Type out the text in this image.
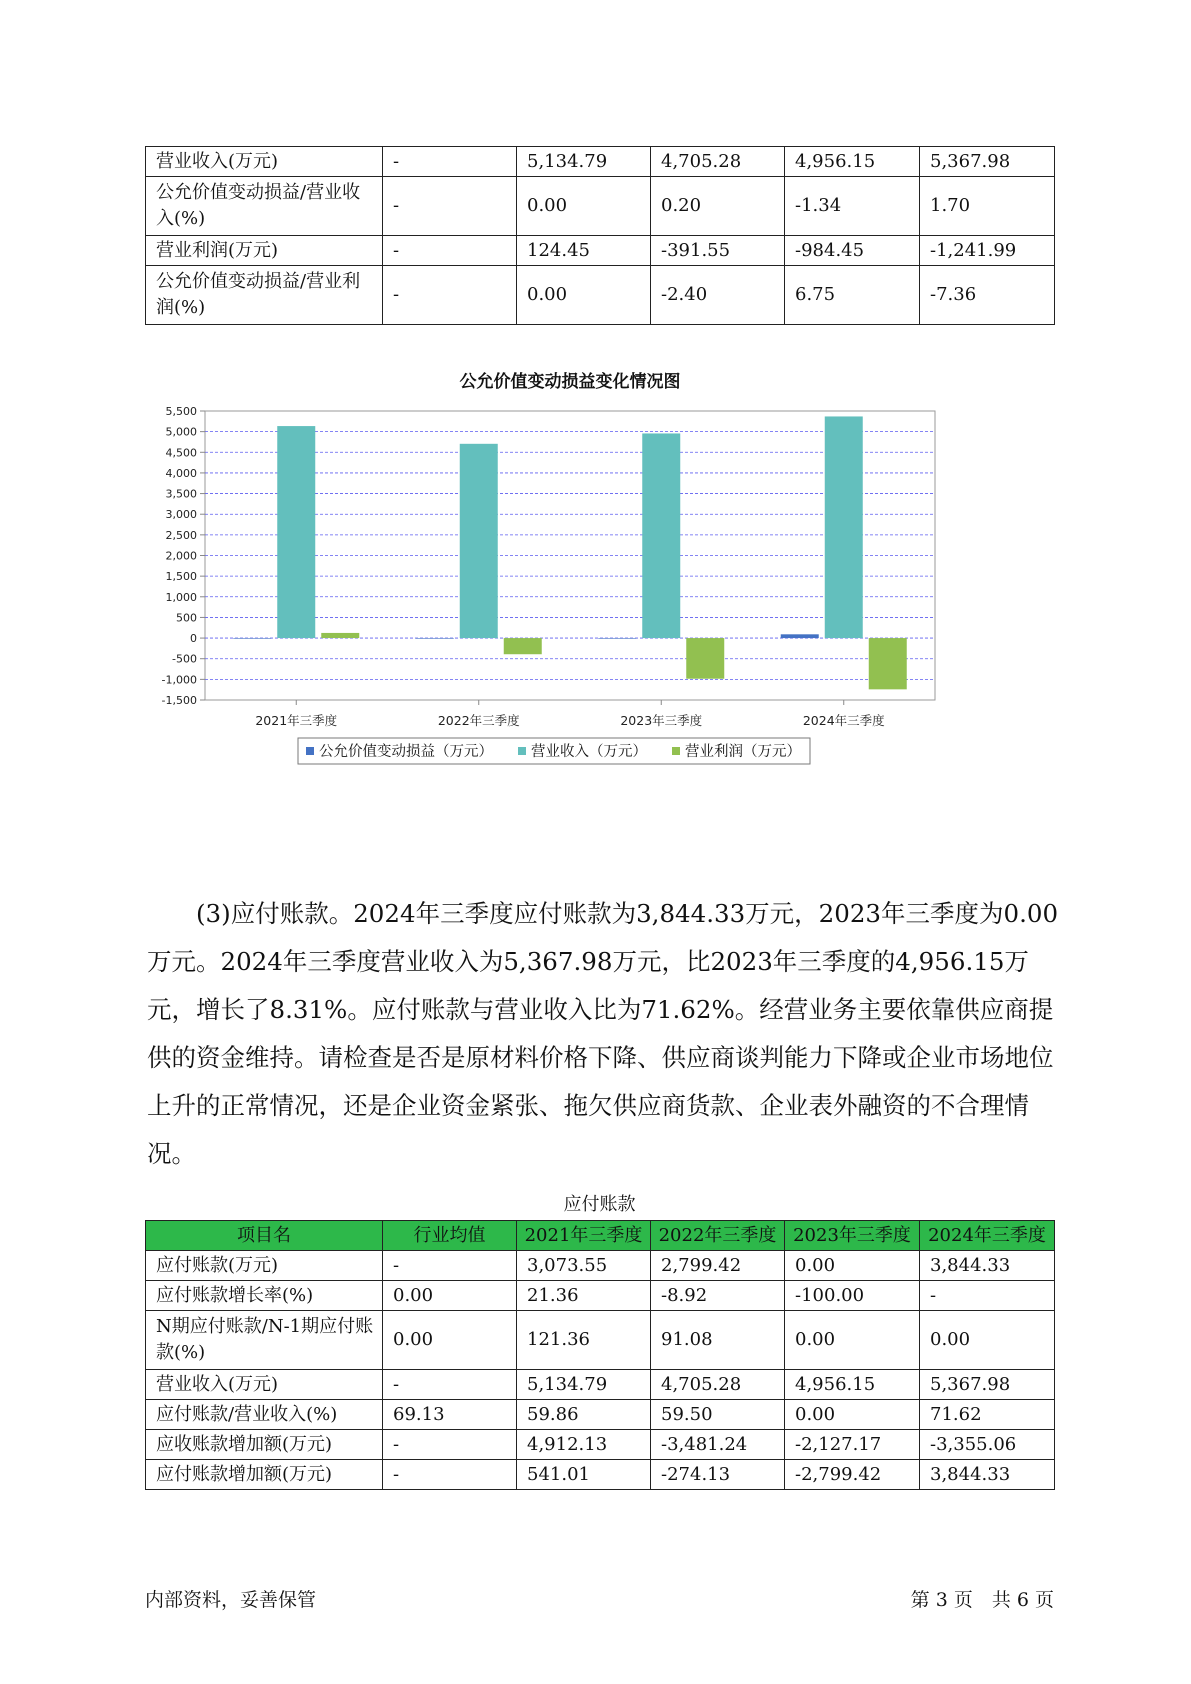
营业收入(万元)	-	5,134.79	4,705.28	4,956.15	5,367.98
公允价值变动损益/营业收入(%)	-	0.00	0.20	-1.34	1.70
营业利润(万元)	-	124.45	-391.55	-984.45	-1,241.99
公允价值变动损益/营业利润(%)	-	0.00	-2.40	6.75	-7.36
公允价值变动损益变化情况图
5,500
5,000
4,500
4,000
3,500
3,000
2,500
2,000
1,500
1,000
500
0
-500
-1,000
-1,500
2021年三季度	2022年三季度	2023年三季度	2024年三季度
公允价值变动损益（万元）	营业收入（万元）	营业利润（万元）

(3)应付账款。2024年三季度应付账款为3,844.33万元，2023年三季度为0.00万元。2024年三季度营业收入为5,367.98万元，比2023年三季度的4,956.15万元，增长了8.31%。应付账款与营业收入比为71.62%。经营业务主要依靠供应商提供的资金维持。请检查是否是原材料价格下降、供应商谈判能力下降或企业市场地位上升的正常情况，还是企业资金紧张、拖欠供应商货款、企业表外融资的不合理情况。

应付账款
项目名	行业均值	2021年三季度	2022年三季度	2023年三季度	2024年三季度
应付账款(万元)	-	3,073.55	2,799.42	0.00	3,844.33
应付账款增长率(%)	0.00	21.36	-8.92	-100.00	-
N期应付账款/N-1期应付账款(%)	0.00	121.36	91.08	0.00	0.00
营业收入(万元)	-	5,134.79	4,705.28	4,956.15	5,367.98
应付账款/营业收入(%)	69.13	59.86	59.50	0.00	71.62
应收账款增加额(万元)	-	4,912.13	-3,481.24	-2,127.17	-3,355.06
应付账款增加额(万元)	-	541.01	-274.13	-2,799.42	3,844.33
内部资料，妥善保管	第 3 页　共 6 页
